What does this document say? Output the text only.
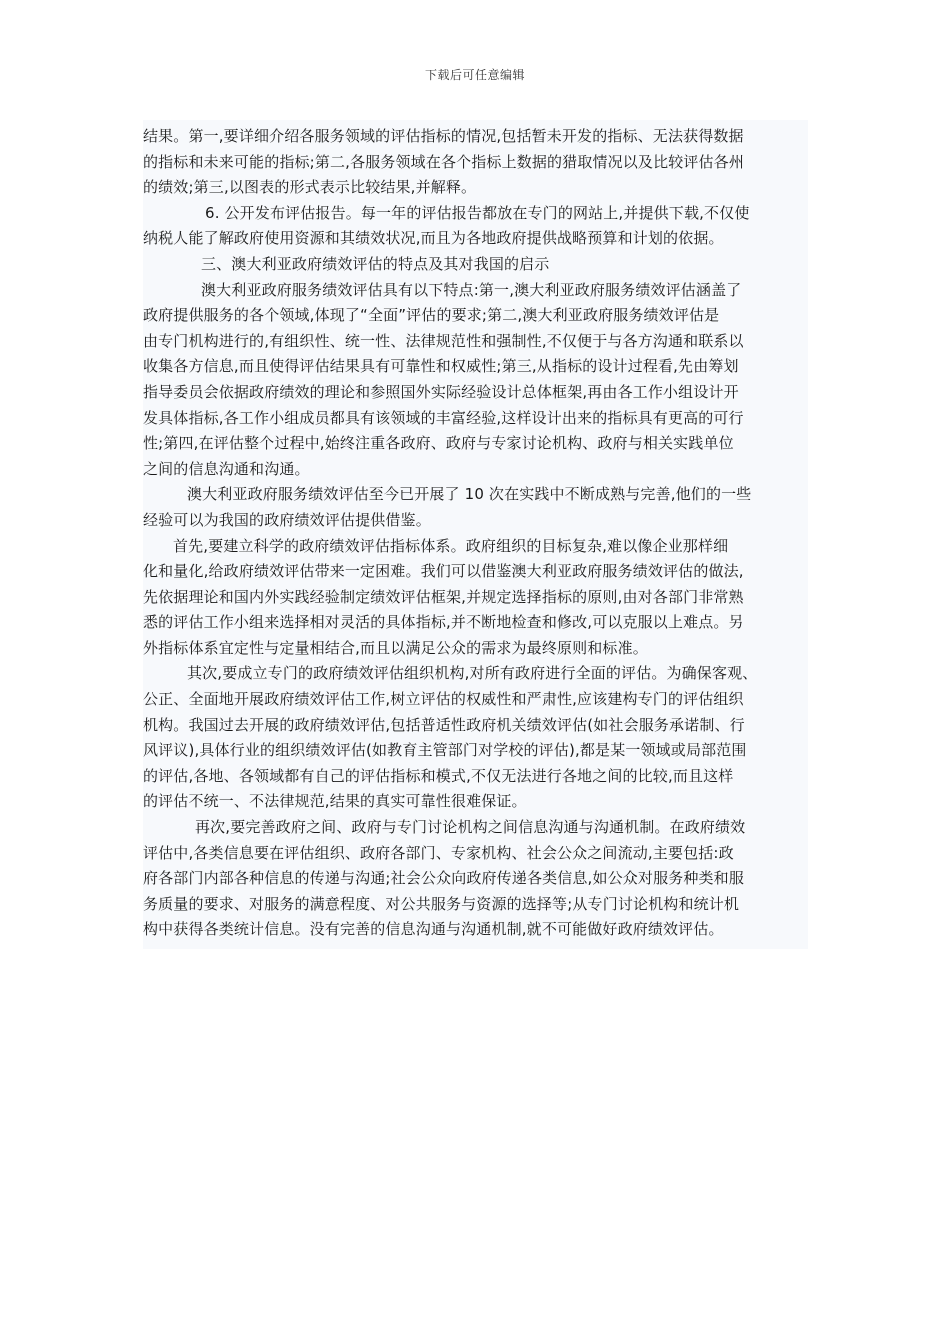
下载后可任意编辑
结果。第一,要详细介绍各服务领域的评估指标的情况,包括暂未开发的指标、无法获得数据
的指标和未来可能的指标;第二,各服务领域在各个指标上数据的猎取情况以及比较评估各州
的绩效;第三,以图表的形式表示比较结果,并解释。
6. 公开发布评估报告。每一年的评估报告都放在专门的网站上,并提供下载,不仅使
纳税人能了解政府使用资源和其绩效状况,而且为各地政府提供战略预算和计划的依据。
三、澳大利亚政府绩效评估的特点及其对我国的启示
澳大利亚政府服务绩效评估具有以下特点:第一,澳大利亚政府服务绩效评估涵盖了
政府提供服务的各个领域,体现了“全面”评估的要求;第二,澳大利亚政府服务绩效评估是
由专门机构进行的,有组织性、统一性、法律规范性和强制性,不仅便于与各方沟通和联系以
收集各方信息,而且使得评估结果具有可靠性和权威性;第三,从指标的设计过程看,先由筹划
指导委员会依据政府绩效的理论和参照国外实际经验设计总体框架,再由各工作小组设计开
发具体指标,各工作小组成员都具有该领域的丰富经验,这样设计出来的指标具有更高的可行
性;第四,在评估整个过程中,始终注重各政府、政府与专家讨论机构、政府与相关实践单位
之间的信息沟通和沟通。
澳大利亚政府服务绩效评估至今已开展了 10 次在实践中不断成熟与完善,他们的一些
经验可以为我国的政府绩效评估提供借鉴。
首先,要建立科学的政府绩效评估指标体系。政府组织的目标复杂,难以像企业那样细
化和量化,给政府绩效评估带来一定困难。我们可以借鉴澳大利亚政府服务绩效评估的做法,
先依据理论和国内外实践经验制定绩效评估框架,并规定选择指标的原则,由对各部门非常熟
悉的评估工作小组来选择相对灵活的具体指标,并不断地检查和修改,可以克服以上难点。另
外指标体系宜定性与定量相结合,而且以满足公众的需求为最终原则和标准。
其次,要成立专门的政府绩效评估组织机构,对所有政府进行全面的评估。为确保客观、
公正、全面地开展政府绩效评估工作,树立评估的权威性和严肃性,应该建构专门的评估组织
机构。我国过去开展的政府绩效评估,包括普适性政府机关绩效评估(如社会服务承诺制、行
风评议),具体行业的组织绩效评估(如教育主管部门对学校的评估),都是某一领域或局部范围
的评估,各地、各领域都有自己的评估指标和模式,不仅无法进行各地之间的比较,而且这样
的评估不统一、不法律规范,结果的真实可靠性很难保证。
再次,要完善政府之间、政府与专门讨论机构之间信息沟通与沟通机制。在政府绩效
评估中,各类信息要在评估组织、政府各部门、专家机构、社会公众之间流动,主要包括:政
府各部门内部各种信息的传递与沟通;社会公众向政府传递各类信息,如公众对服务种类和服
务质量的要求、对服务的满意程度、对公共服务与资源的选择等;从专门讨论机构和统计机
构中获得各类统计信息。没有完善的信息沟通与沟通机制,就不可能做好政府绩效评估。
